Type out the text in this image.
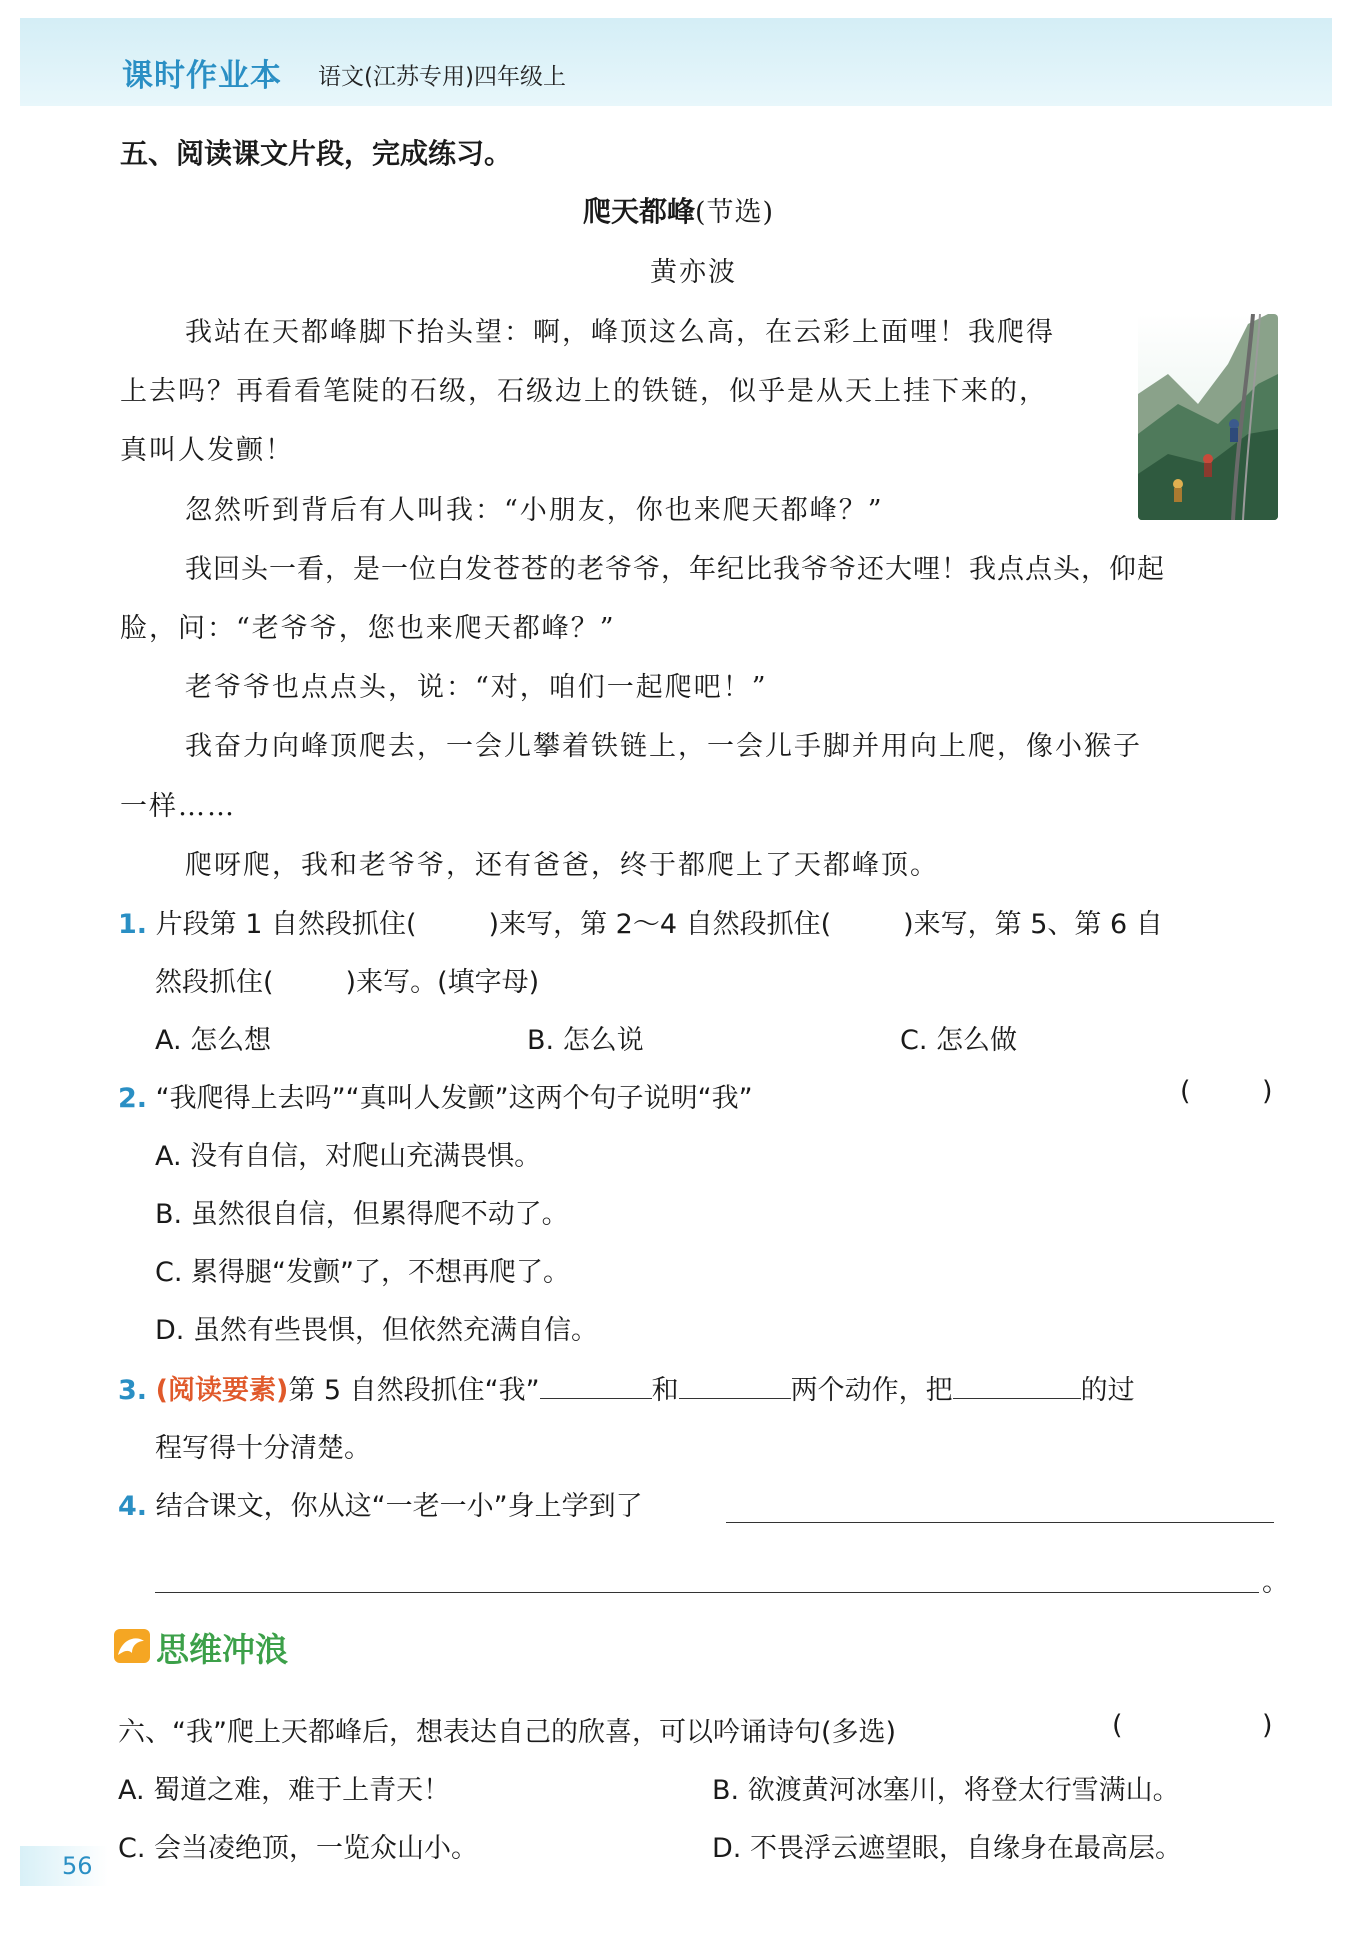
课时作业本 语文(江苏专用)四年级上
五、阅读课文片段，完成练习。
爬天都峰(节选)
黄亦波
我站在天都峰脚下抬头望：啊，峰顶这么高，在云彩上面哩！我爬得
上去吗？再看看笔陡的石级，石级边上的铁链，似乎是从天上挂下来的，
真叫人发颤！
忽然听到背后有人叫我：“小朋友，你也来爬天都峰？”
我回头一看，是一位白发苍苍的老爷爷，年纪比我爷爷还大哩！我点点头，仰起
脸，问：“老爷爷，您也来爬天都峰？”
老爷爷也点点头，说：“对，咱们一起爬吧！”
我奋力向峰顶爬去，一会儿攀着铁链上，一会儿手脚并用向上爬，像小猴子
一样……
爬呀爬，我和老爷爷，还有爸爸，终于都爬上了天都峰顶。
1. 片段第 1 自然段抓住(	)来写，第 2～4 自然段抓住(	)来写，第 5、第 6 自
然段抓住(	)来写。(填字母)
A. 怎么想	B. 怎么说	C. 怎么做
2. “我爬得上去吗”“真叫人发颤”这两个句子说明“我”	(	)
A. 没有自信，对爬山充满畏惧。
B. 虽然很自信，但累得爬不动了。
C. 累得腿“发颤”了，不想再爬了。
D. 虽然有些畏惧，但依然充满自信。
3. (阅读要素)第 5 自然段抓住“我”	和	两个动作，把	的过
程写得十分清楚。
4. 结合课文，你从这“一老一小”身上学到了
。
思维冲浪
六、“我”爬上天都峰后，想表达自己的欣喜，可以吟诵诗句(多选)	(	)
A. 蜀道之难，难于上青天！	B. 欲渡黄河冰塞川，将登太行雪满山。
C. 会当凌绝顶，一览众山小。	D. 不畏浮云遮望眼，自缘身在最高层。
56
